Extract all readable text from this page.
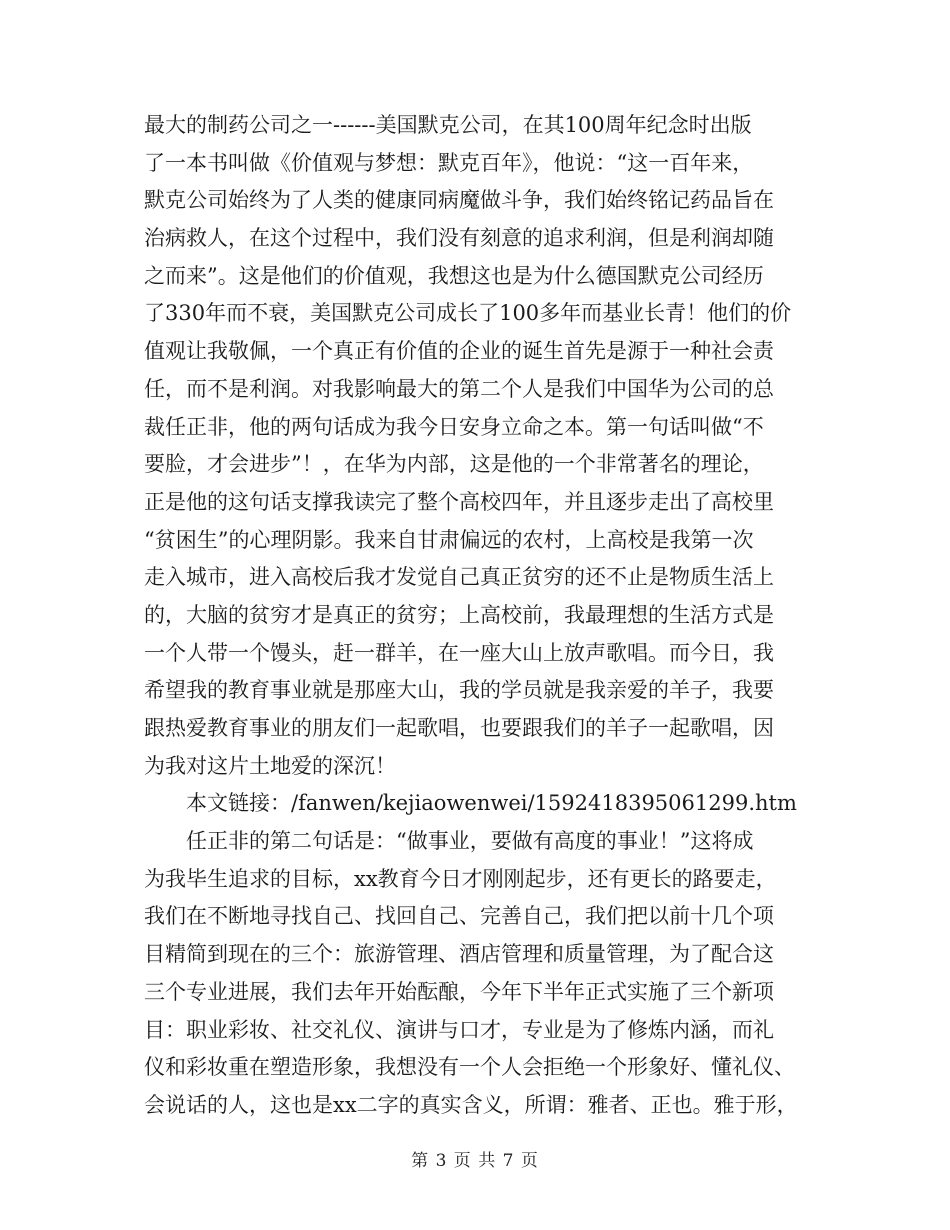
最大的制药公司之一------美国默克公司，在其100周年纪念时出版
了一本书叫做《价值观与梦想：默克百年》，他说：“这一百年来，
默克公司始终为了人类的健康同病魔做斗争，我们始终铭记药品旨在
治病救人，在这个过程中，我们没有刻意的追求利润，但是利润却随
之而来”。这是他们的价值观，我想这也是为什么德国默克公司经历
了330年而不衰，美国默克公司成长了100多年而基业长青！他们的价
值观让我敬佩，一个真正有价值的企业的诞生首先是源于一种社会责
任，而不是利润。对我影响最大的第二个人是我们中国华为公司的总
裁任正非，他的两句话成为我今日安身立命之本。第一句话叫做“不
要脸，才会进步”！，在华为内部，这是他的一个非常著名的理论，
正是他的这句话支撑我读完了整个高校四年，并且逐步走出了高校里
“贫困生”的心理阴影。我来自甘肃偏远的农村，上高校是我第一次
走入城市，进入高校后我才发觉自己真正贫穷的还不止是物质生活上
的，大脑的贫穷才是真正的贫穷；上高校前，我最理想的生活方式是
一个人带一个馒头，赶一群羊，在一座大山上放声歌唱。而今日，我
希望我的教育事业就是那座大山，我的学员就是我亲爱的羊子，我要
跟热爱教育事业的朋友们一起歌唱，也要跟我们的羊子一起歌唱，因
为我对这片土地爱的深沉！
本文链接：/fanwen/kejiaowenwei/1592418395061299.htm
任正非的第二句话是：“做事业，要做有高度的事业！”这将成
为我毕生追求的目标，xx教育今日才刚刚起步，还有更长的路要走，
我们在不断地寻找自己、找回自己、完善自己，我们把以前十几个项
目精简到现在的三个：旅游管理、酒店管理和质量管理，为了配合这
三个专业进展，我们去年开始酝酿，今年下半年正式实施了三个新项
目：职业彩妆、社交礼仪、演讲与口才，专业是为了修炼内涵，而礼
仪和彩妆重在塑造形象，我想没有一个人会拒绝一个形象好、懂礼仪、
会说话的人，这也是xx二字的真实含义，所谓：雅者、正也。雅于形，
第 3 页 共 7 页
